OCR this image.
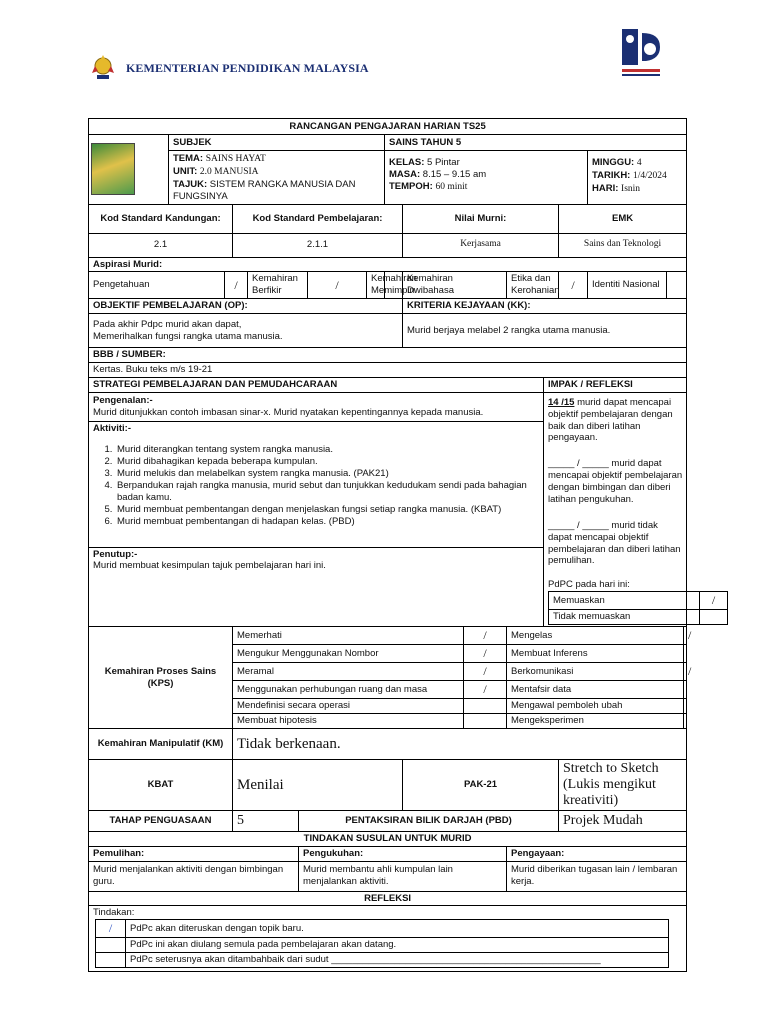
KEMENTERIAN PENDIDIKAN MALAYSIA
RANCANGAN PENGAJARAN HARIAN TS25

	SUBJEK	SAINS TAHUN 5

TEMA: SAINS HAYAT
UNIT: 2.0 MANUSIA
TAJUK: SISTEM RANGKA MANUSIA DAN FUNGSINYA

KELAS: 5 Pintar
MASA: 8.15 – 9.15 am
TEMPOH: 60 minit

MINGGU: 4
TARIKH: 1/4/2024
HARI: Isnin

Kod Standard Kandungan:	Kod Standard Pembelajaran:	Nilai Murni:	EMK
2.1	2.1.1	Kerjasama	Sains dan Teknologi
Aspirasi Murid:
Pengetahuan	/	Kemahiran Berfikir	/	Kemahiran Memimpin		Kemahiran Dwibahasa	Etika dan Kerohanian	/	Identiti Nasional	
OBJEKTIF PEMBELAJARAN (OP):	KRITERIA KEJAYAAN (KK):

Pada akhir Pdpc murid akan dapat,
Memerihalkan fungsi rangka utama manusia.
	Murid berjaya melabel 2 rangka utama manusia.
BBB / SUMBER:
Kertas. Buku teks m/s 19-21
STRATEGI PEMBELAJARAN DAN PEMUDAHCARAAN	IMPAK / REFLEKSI

Pengenalan:-
Murid ditunjukkan contoh imbasan sinar-x. Murid nyatakan kepentingannya kepada manusia.
Aktiviti:-
1. Murid diterangkan tentang system rangka manusia.
2. Murid dibahagikan kepada beberapa kumpulan.
3. Murid melukis dan melabelkan system rangka manusia. (PAK21)
4. Berpandukan rajah rangka manusia, murid sebut dan tunjukkan kedudukam sendi pada bahagian badan kamu.
5. Murid membuat pembentangan dengan menjelaskan fungsi setiap rangka manusia. (KBAT)
6. Murid membuat pembentangan di hadapan kelas. (PBD)
Penutup:-
Murid membuat kesimpulan tajuk pembelajaran hari ini.

14 /15 murid dapat mencapai objektif pembelajaran dengan baik dan diberi latihan pengayaan.
_____ / _____ murid dapat mencapai objektif pembelajaran dengan bimbingan dan diberi latihan pengukuhan.
_____ / _____ murid tidak dapat mencapai objektif pembelajaran dan diberi latihan pemulihan.
PdPC pada hari ini:
Memuaskan	/
Tidak memuaskan	

Kemahiran Proses Sains (KPS)	Memerhati	/	Mengelas	/
Mengukur Menggunakan Nombor	/	Membuat Inferens	
Meramal	/	Berkomunikasi	/
Menggunakan perhubungan ruang dan masa	/	Mentafsir data	
Mendefinisi secara operasi		Mengawal pemboleh ubah	
Membuat hipotesis		Mengeksperimen	
Kemahiran Manipulatif (KM)	Tidak berkenaan.
KBAT	Menilai	PAK-21	Stretch to Sketch (Lukis mengikut kreativiti)
TAHAP PENGUASAAN	5	PENTAKSIRAN BILIK DARJAH (PBD)	Projek Mudah
TINDAKAN SUSULAN UNTUK MURID
Pemulihan:	Pengukuhan:	Pengayaan:
Murid menjalankan aktiviti dengan bimbingan guru.	Murid membantu ahli kumpulan lain menjalankan aktiviti.	Murid diberikan tugasan lain / lembaran kerja.
REFLEKSI

Tindakan:
/	PdPc akan diteruskan dengan topik baru.
	PdPc ini akan diulang semula pada pembelajaran akan datang.
	PdPc seterusnya akan ditambahbaik dari sudut ___________________________________________________
